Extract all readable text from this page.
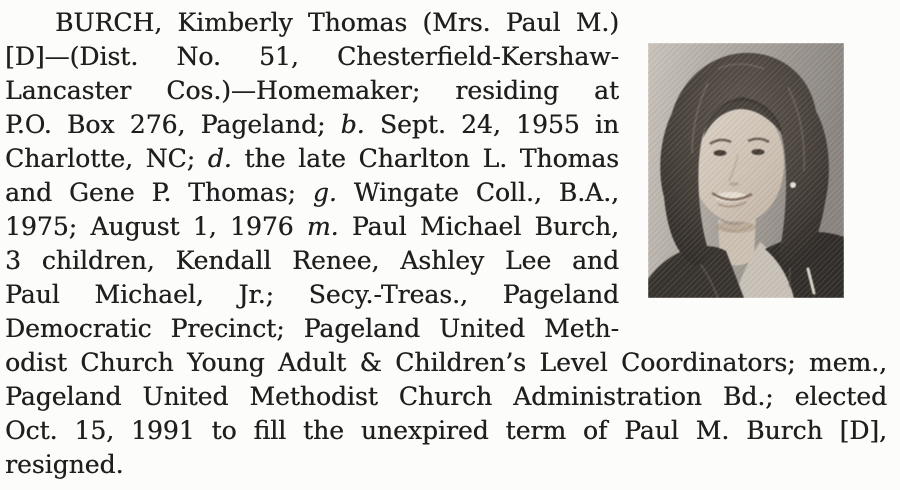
BURCH, Kimberly Thomas (Mrs. Paul M.)
[D]—(Dist. No. 51, Chesterfield-Kershaw-
Lancaster Cos.)—Homemaker; residing at
P.O. Box 276, Pageland; b. Sept. 24, 1955 in
Charlotte, NC; d. the late Charlton L. Thomas
and Gene P. Thomas; g. Wingate Coll., B.A.,
1975; August 1, 1976 m. Paul Michael Burch,
3 children, Kendall Renee, Ashley Lee and
Paul Michael, Jr.; Secy.-Treas., Pageland
Democratic Precinct; Pageland United Meth-
odist Church Young Adult & Children’s Level Coordinators; mem.,
Pageland United Methodist Church Administration Bd.; elected
Oct. 15, 1991 to fill the unexpired term of Paul M. Burch [D],
resigned.
